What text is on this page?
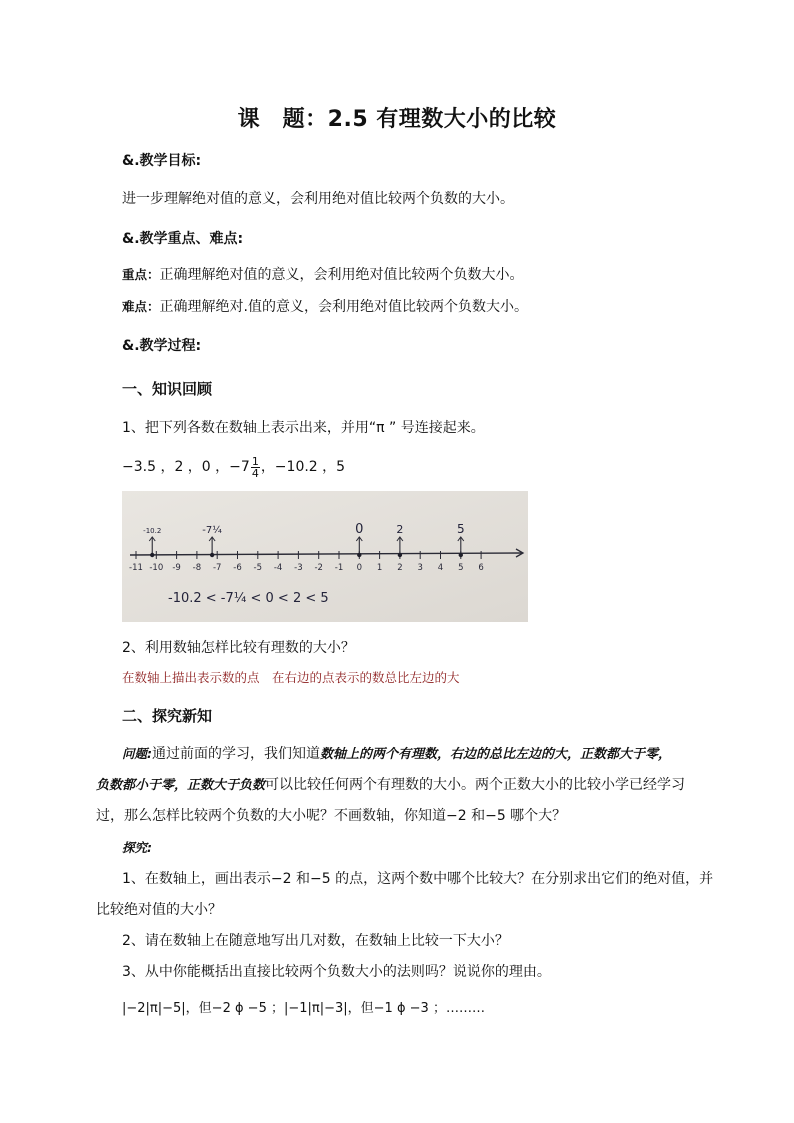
课　题：2.5 有理数大小的比较
&.教学目标:
进一步理解绝对值的意义，会利用绝对值比较两个负数的大小。
&.教学重点、难点:
重点：正确理解绝对值的意义，会利用绝对值比较两个负数大小。
难点：正确理解绝对.值的意义，会利用绝对值比较两个负数大小。
&.教学过程:
一、知识回顾
1、把下列各数在数轴上表示出来，并用“π ” 号连接起来。
−3.5 ，2 ，0 ，$-7 \frac{1}{4}$ ，−10.2 ，5
-11 -10 -9 -8 -7 -6 -5 -4 -3 -2 -1 0 1 2 3 4 5 6
-10.2	-7¼	0	2	5
-10.2 < -7¼ < 0 < 2 < 5
2、利用数轴怎样比较有理数的大小？
在数轴上描出表示数的点　在右边的点表示的数总比左边的大
二、探究新知
问题:通过前面的学习，我们知道数轴上的两个有理数，右边的总比左边的大，正数都大于零，
负数都小于零，正数大于负数可以比较任何两个有理数的大小。两个正数大小的比较小学已经学习
过，那么怎样比较两个负数的大小呢？不画数轴，你知道−2 和−5 哪个大？
探究:
1、在数轴上，画出表示−2 和−5 的点，这两个数中哪个比较大？在分别求出它们的绝对值，并
比较绝对值的大小？
2、请在数轴上在随意地写出几对数，在数轴上比较一下大小？
3、从中你能概括出直接比较两个负数大小的法则吗？说说你的理由。
|−2|π|−5|，但−2 ϕ −5 ；|−1|π|−3|，但−1 ϕ −3 ；………
